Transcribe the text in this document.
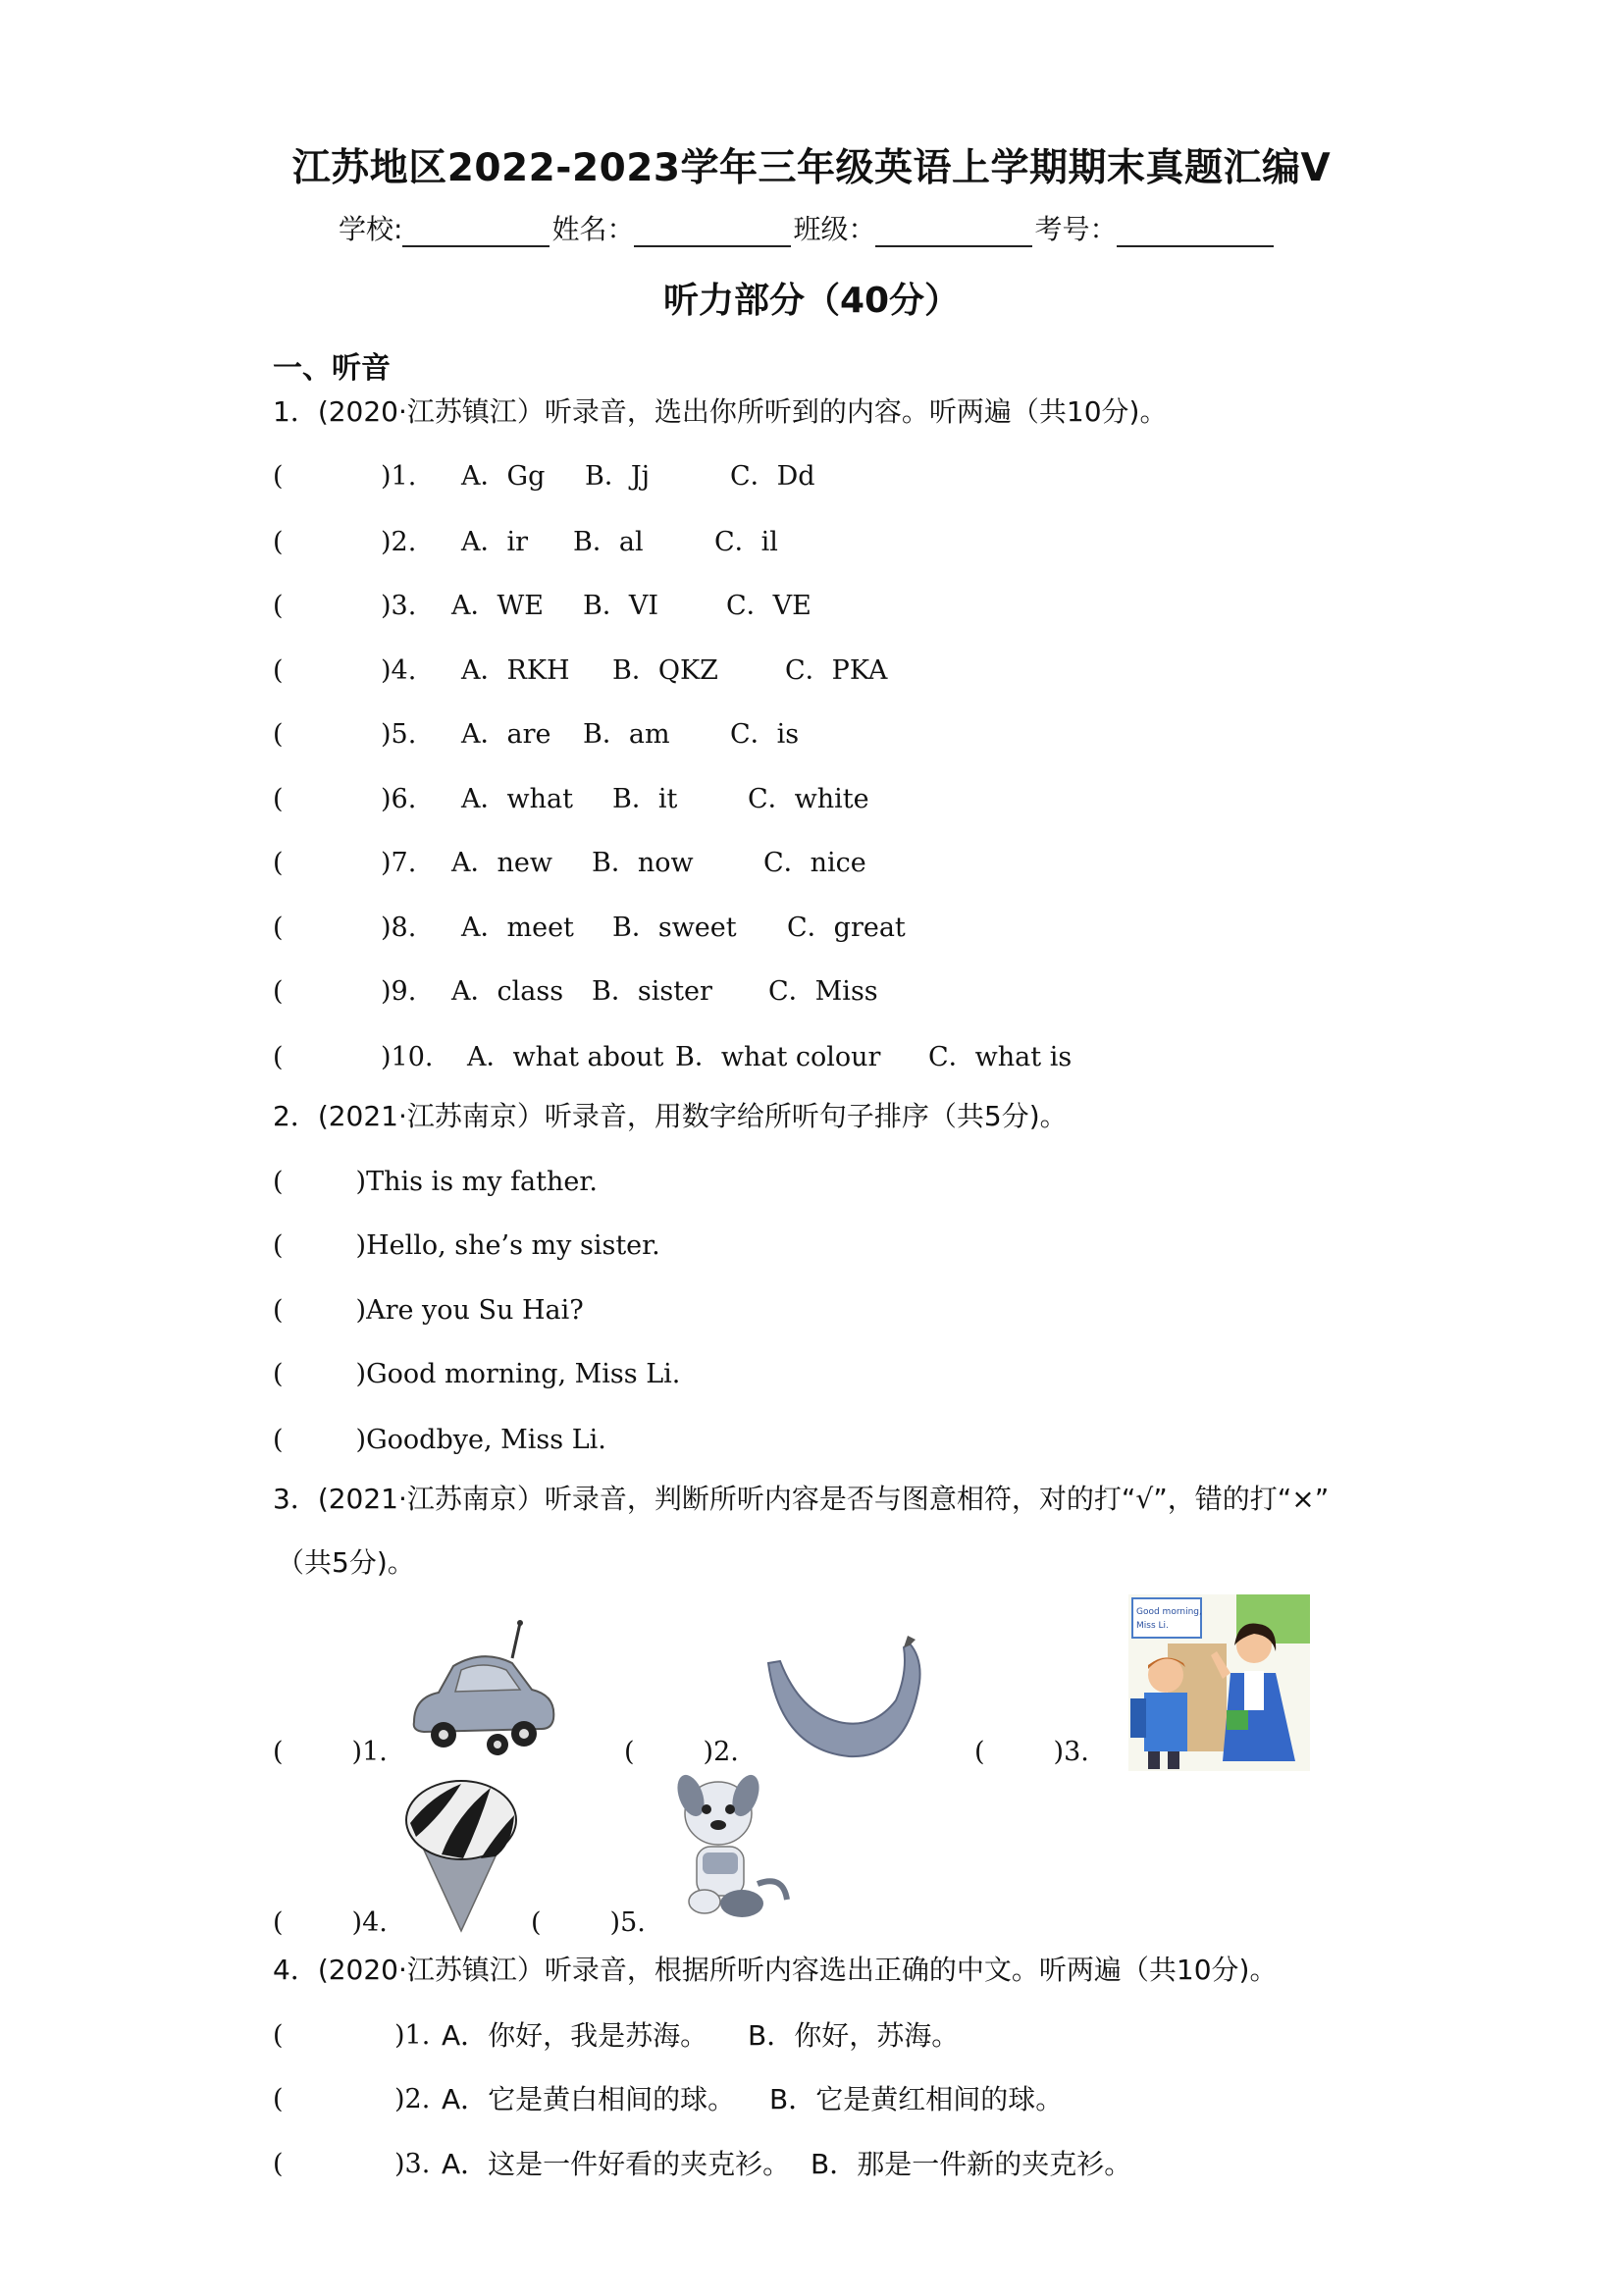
江苏地区2022-2023学年三年级英语上学期期末真题汇编Ⅴ
学校:	姓名：	班级：	考号：
听力部分（40分）
一、听音
1．(2020·江苏镇江）听录音，选出你所听到的内容。听两遍（共10分)。
(	)1. A．Gg B．Jj	C．Dd
(	)2. A．ir B．al	C．il
(	)3. A．WE B．VI	C．VE
(	)4. A．RKH B．QKZ	C．PKA
(	)5. A．are B．am C．is
(	)6. A．what B．it	C．white
(	)7. A．new B．now	C．nice
(	)8. A．meet B．sweet C．great
(	)9. A．class B．sister C．Miss
(	)10. A．what about B．what colour C．what is
2．(2021·江苏南京）听录音，用数字给所听句子排序（共5分)。
(	)This is my father.
(	)Hello, she’s my sister.
(	)Are you Su Hai?
(	)Good morning, Miss Li.
(	)Goodbye, Miss Li.
3．(2021·江苏南京）听录音，判断所听内容是否与图意相符，对的打“√”，错的打“×”
（共5分)。
(	)1.	(	)2.	(	)3.
(	)4.	(	)5.
Good morning,
Miss Li.
4．(2020·江苏镇江）听录音，根据所听内容选出正确的中文。听两遍（共10分)。
(	)1. A．你好，我是苏海。 B．你好，苏海。
(	)2. A．它是黄白相间的球。 B．它是黄红相间的球。
(	)3. A．这是一件好看的夹克衫。 B．那是一件新的夹克衫。
